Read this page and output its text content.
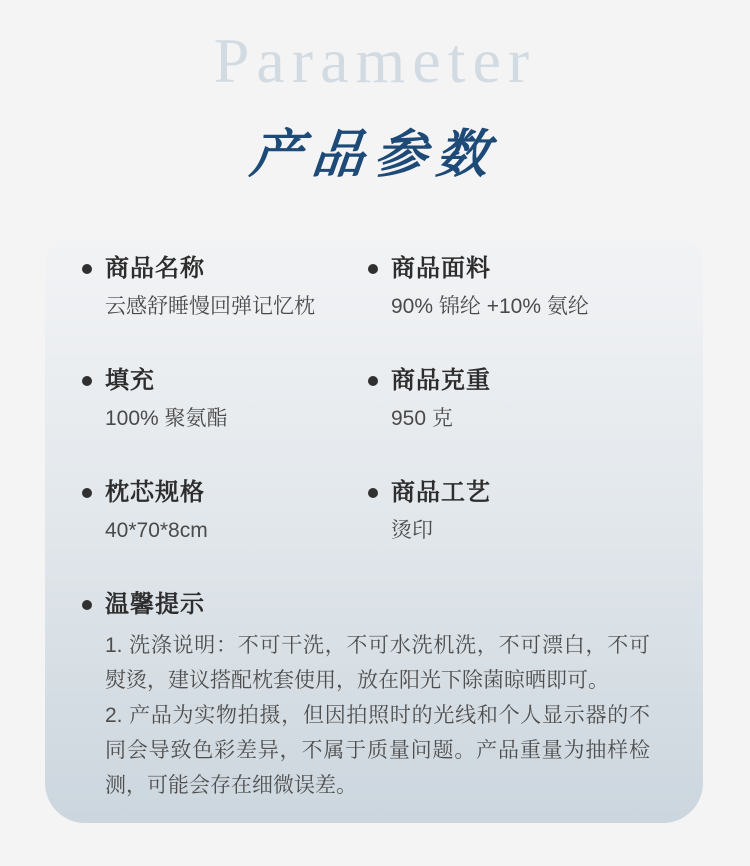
Parameter
产品参数
商品名称
云感舒睡慢回弹记忆枕
商品面料
90% 锦纶 +10% 氨纶
填充
100% 聚氨酯
商品克重
950 克
枕芯规格
40*70*8cm
商品工艺
烫印
温馨提示

1. 洗涤说明：不可干洗，不可水洗机洗，不可漂白，不可熨烫，建议搭配枕套使用，放在阳光下除菌晾晒即可。

2. 产品为实物拍摄，但因拍照时的光线和个人显示器的不同会导致色彩差异，不属于质量问题。产品重量为抽样检测，可能会存在细微误差。
